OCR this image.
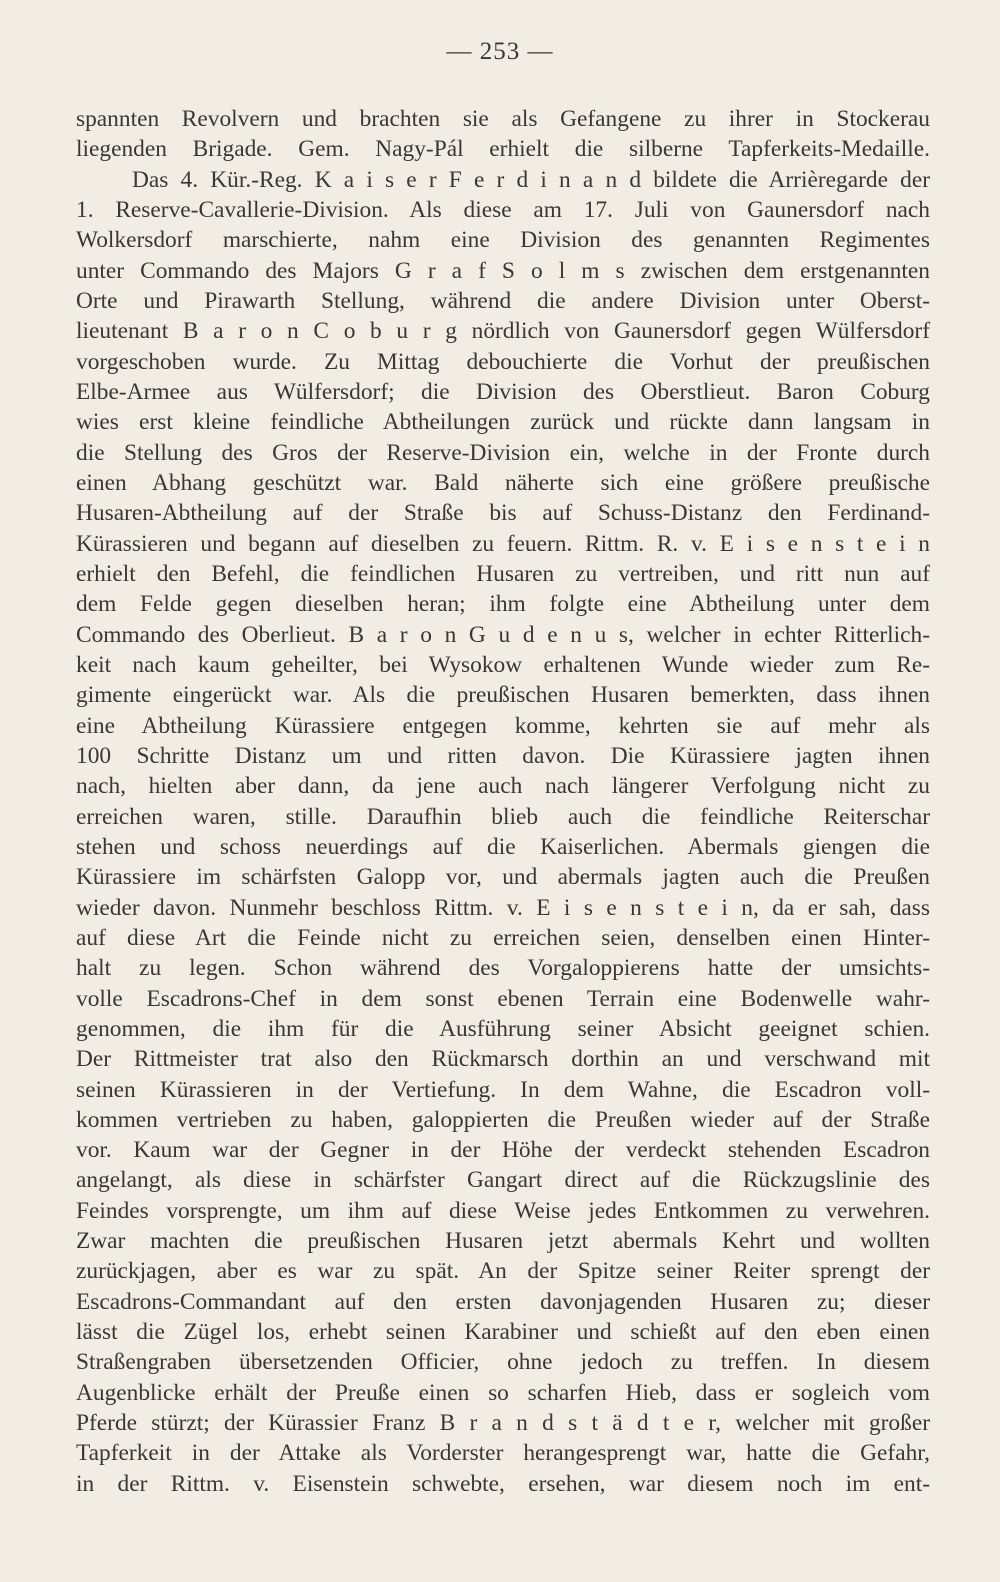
— 253 —
spannten Revolvern und brachten sie als Gefangene zu ihrer in Stockerau
liegenden Brigade. Gem. Nagy-Pál erhielt die silberne Tapferkeits-Medaille.
Das 4. Kür.-Reg. K a i s e r F e r d i n a n d bildete die Arrièregarde der
1. Reserve-Cavallerie-Division. Als diese am 17. Juli von Gaunersdorf nach
Wolkersdorf marschierte, nahm eine Division des genannten Regimentes
unter Commando des Majors G r a f S o l m s zwischen dem erstgenannten
Orte und Pirawarth Stellung, während die andere Division unter Oberst-
lieutenant B a r o n C o b u r g nördlich von Gaunersdorf gegen Wülfersdorf
vorgeschoben wurde. Zu Mittag debouchierte die Vorhut der preußischen
Elbe-Armee aus Wülfersdorf; die Division des Oberstlieut. Baron Coburg
wies erst kleine feindliche Abtheilungen zurück und rückte dann langsam in
die Stellung des Gros der Reserve-Division ein, welche in der Fronte durch
einen Abhang geschützt war. Bald näherte sich eine größere preußische
Husaren-Abtheilung auf der Straße bis auf Schuss-Distanz den Ferdinand-
Kürassieren und begann auf dieselben zu feuern. Rittm. R. v. E i s e n s t e i n
erhielt den Befehl, die feindlichen Husaren zu vertreiben, und ritt nun auf
dem Felde gegen dieselben heran; ihm folgte eine Abtheilung unter dem
Commando des Oberlieut. B a r o n G u d e n u s, welcher in echter Ritterlich-
keit nach kaum geheilter, bei Wysokow erhaltenen Wunde wieder zum Re-
gimente eingerückt war. Als die preußischen Husaren bemerkten, dass ihnen
eine Abtheilung Kürassiere entgegen komme, kehrten sie auf mehr als
100 Schritte Distanz um und ritten davon. Die Kürassiere jagten ihnen
nach, hielten aber dann, da jene auch nach längerer Verfolgung nicht zu
erreichen waren, stille. Daraufhin blieb auch die feindliche Reiterschar
stehen und schoss neuerdings auf die Kaiserlichen. Abermals giengen die
Kürassiere im schärfsten Galopp vor, und abermals jagten auch die Preußen
wieder davon. Nunmehr beschloss Rittm. v. E i s e n s t e i n, da er sah, dass
auf diese Art die Feinde nicht zu erreichen seien, denselben einen Hinter-
halt zu legen. Schon während des Vorgaloppierens hatte der umsichts-
volle Escadrons-Chef in dem sonst ebenen Terrain eine Bodenwelle wahr-
genommen, die ihm für die Ausführung seiner Absicht geeignet schien.
Der Rittmeister trat also den Rückmarsch dorthin an und verschwand mit
seinen Kürassieren in der Vertiefung. In dem Wahne, die Escadron voll-
kommen vertrieben zu haben, galoppierten die Preußen wieder auf der Straße
vor. Kaum war der Gegner in der Höhe der verdeckt stehenden Escadron
angelangt, als diese in schärfster Gangart direct auf die Rückzugslinie des
Feindes vorsprengte, um ihm auf diese Weise jedes Entkommen zu verwehren.
Zwar machten die preußischen Husaren jetzt abermals Kehrt und wollten
zurückjagen, aber es war zu spät. An der Spitze seiner Reiter sprengt der
Escadrons-Commandant auf den ersten davonjagenden Husaren zu; dieser
lässt die Zügel los, erhebt seinen Karabiner und schießt auf den eben einen
Straßengraben übersetzenden Officier, ohne jedoch zu treffen. In diesem
Augenblicke erhält der Preuße einen so scharfen Hieb, dass er sogleich vom
Pferde stürzt; der Kürassier Franz B r a n d s t ä d t e r, welcher mit großer
Tapferkeit in der Attake als Vorderster herangesprengt war, hatte die Gefahr,
in der Rittm. v. Eisenstein schwebte, ersehen, war diesem noch im ent-
